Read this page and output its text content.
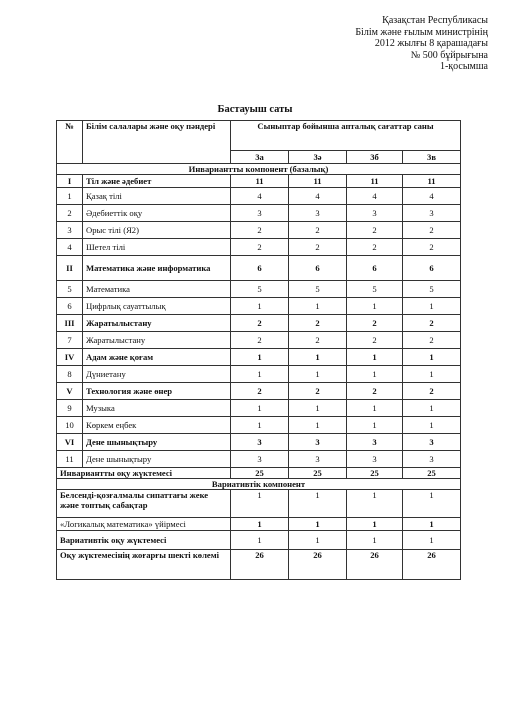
Қазақстан Республикасы
Білім және ғылым министрінің
2012 жылғы 8 қарашадағы
№ 500 бұйрығына
1-қосымша
Бастауыш саты
№	Білім салалары және оқу пәндері	Сыныптар бойынша апталық сағаттар саны			
		3а	3ә	3б	3в
Инвариантты компонент (базалық)					
I	Тіл және әдебиет	11	11	11	11
1	Қазақ тілі	4	4	4	4
2	Әдебиеттік оқу	3	3	3	3
3	Орыс тілі (Я2)	2	2	2	2
4	Шетел тілі	2	2	2	2
II	Математика және информатика	6	6	6	6
5	Математика	5	5	5	5
6	Цифрлық сауаттылық	1	1	1	1
III	Жаратылыстану	2	2	2	2
7	Жаратылыстану	2	2	2	2
IV	Адам және қоғам	1	1	1	1
8	Дүниетану	1	1	1	1
V	Технология және өнер	2	2	2	2
9	Музыка	1	1	1	1
10	Көркем еңбек	1	1	1	1
VI	Дене шынықтыру	3	3	3	3
11	Дене шынықтыру	3	3	3	3
Инвариантты оқу жүктемесі		25	25	25	25
Вариативтік компонент					
Белсенді-қозғалмалы сипаттағы жеке және топтық сабақтар		1	1	1	1
«Логикалық математика» үйірмесі		1	1	1	1
Вариативтік оқу жүктемесі		1	1	1	1
Оқу жүктемесінің жоғарғы шекті көлемі		26	26	26	26
